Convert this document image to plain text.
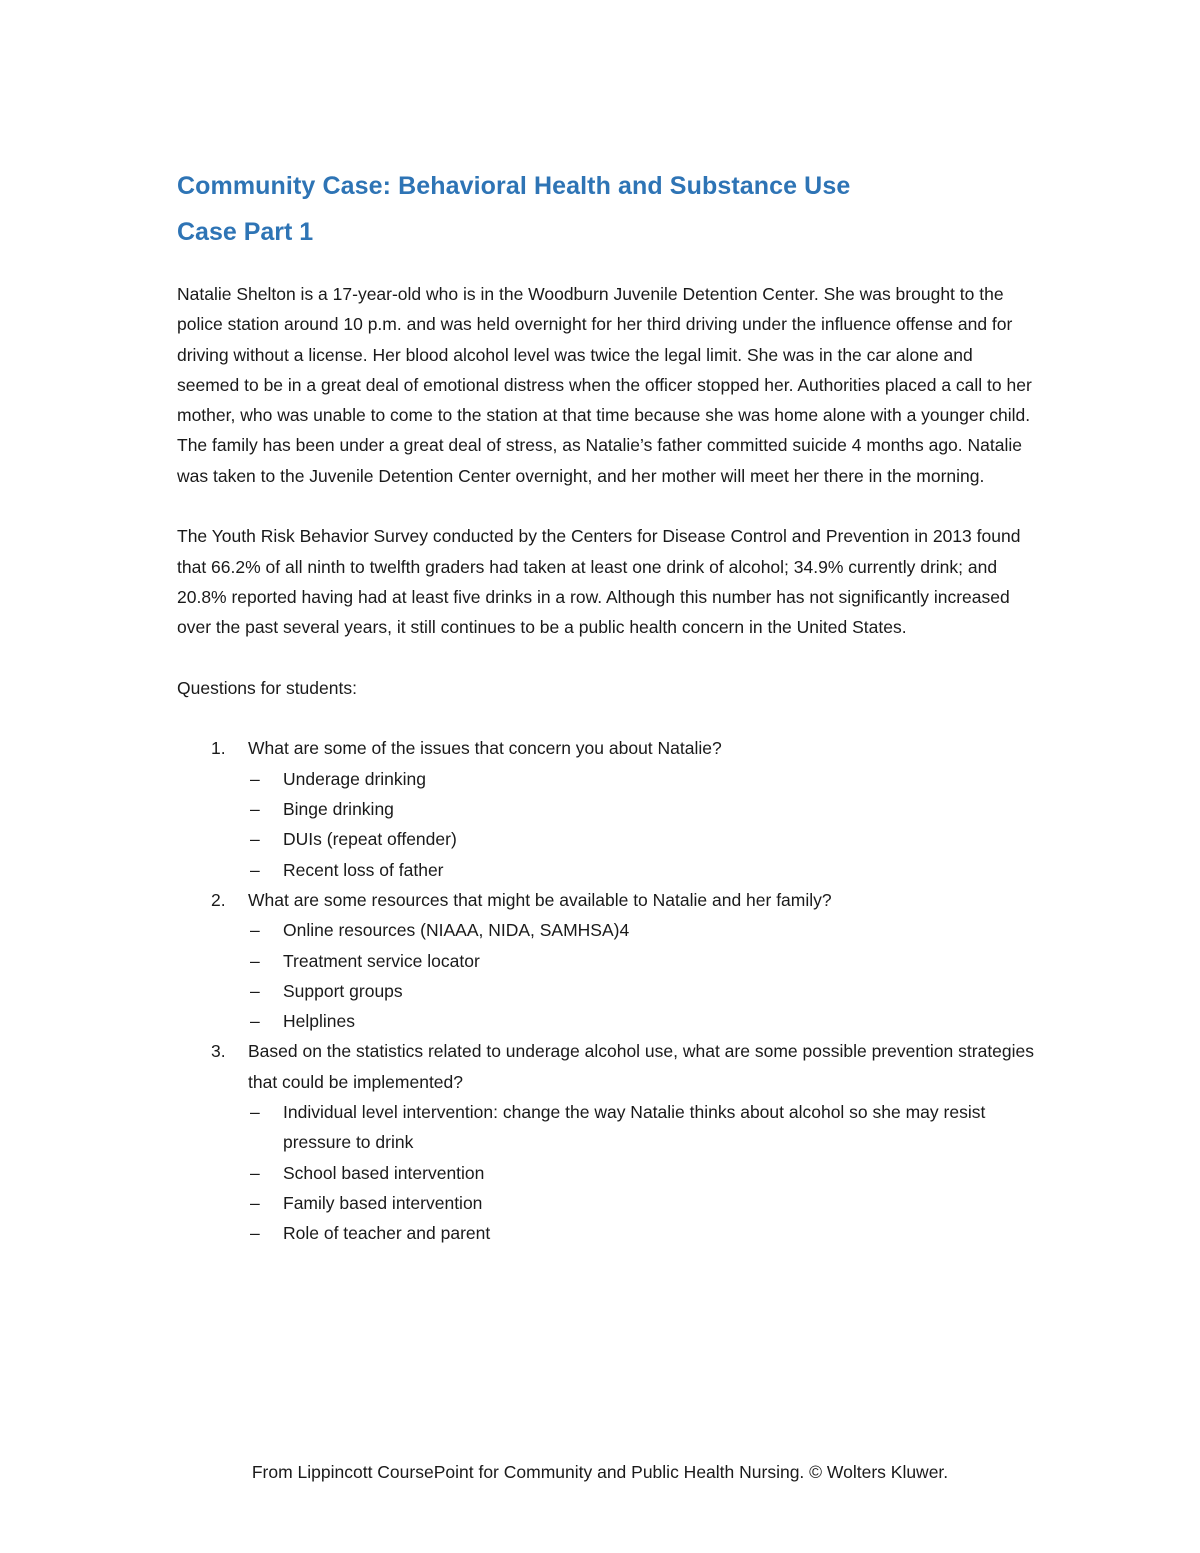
Community Case: Behavioral Health and Substance Use
Case Part 1

Natalie Shelton is a 17-year-old who is in the Woodburn Juvenile Detention Center. She was brought to the police station around 10 p.m. and was held overnight for her third driving under the influence offense and for driving without a license. Her blood alcohol level was twice the legal limit. She was in the car alone and seemed to be in a great deal of emotional distress when the officer stopped her. Authorities placed a call to her mother, who was unable to come to the station at that time because she was home alone with a younger child. The family has been under a great deal of stress, as Natalie’s father committed suicide 4 months ago. Natalie was taken to the Juvenile Detention Center overnight, and her mother will meet her there in the morning.

The Youth Risk Behavior Survey conducted by the Centers for Disease Control and Prevention in 2013 found that 66.2% of all ninth to twelfth graders had taken at least one drink of alcohol; 34.9% currently drink; and 20.8% reported having had at least five drinks in a row. Although this number has not significantly increased over the past several years, it still continues to be a public health concern in the United States.

Questions for students:

1. What are some of the issues that concern you about Natalie?
– Underage drinking
– Binge drinking
– DUIs (repeat offender)
– Recent loss of father
2. What are some resources that might be available to Natalie and her family?
– Online resources (NIAAA, NIDA, SAMHSA)4
– Treatment service locator
– Support groups
– Helplines
3. Based on the statistics related to underage alcohol use, what are some possible prevention strategies that could be implemented?
– Individual level intervention: change the way Natalie thinks about alcohol so she may resist pressure to drink
– School based intervention
– Family based intervention
– Role of teacher and parent
From Lippincott CoursePoint for Community and Public Health Nursing. © Wolters Kluwer.
